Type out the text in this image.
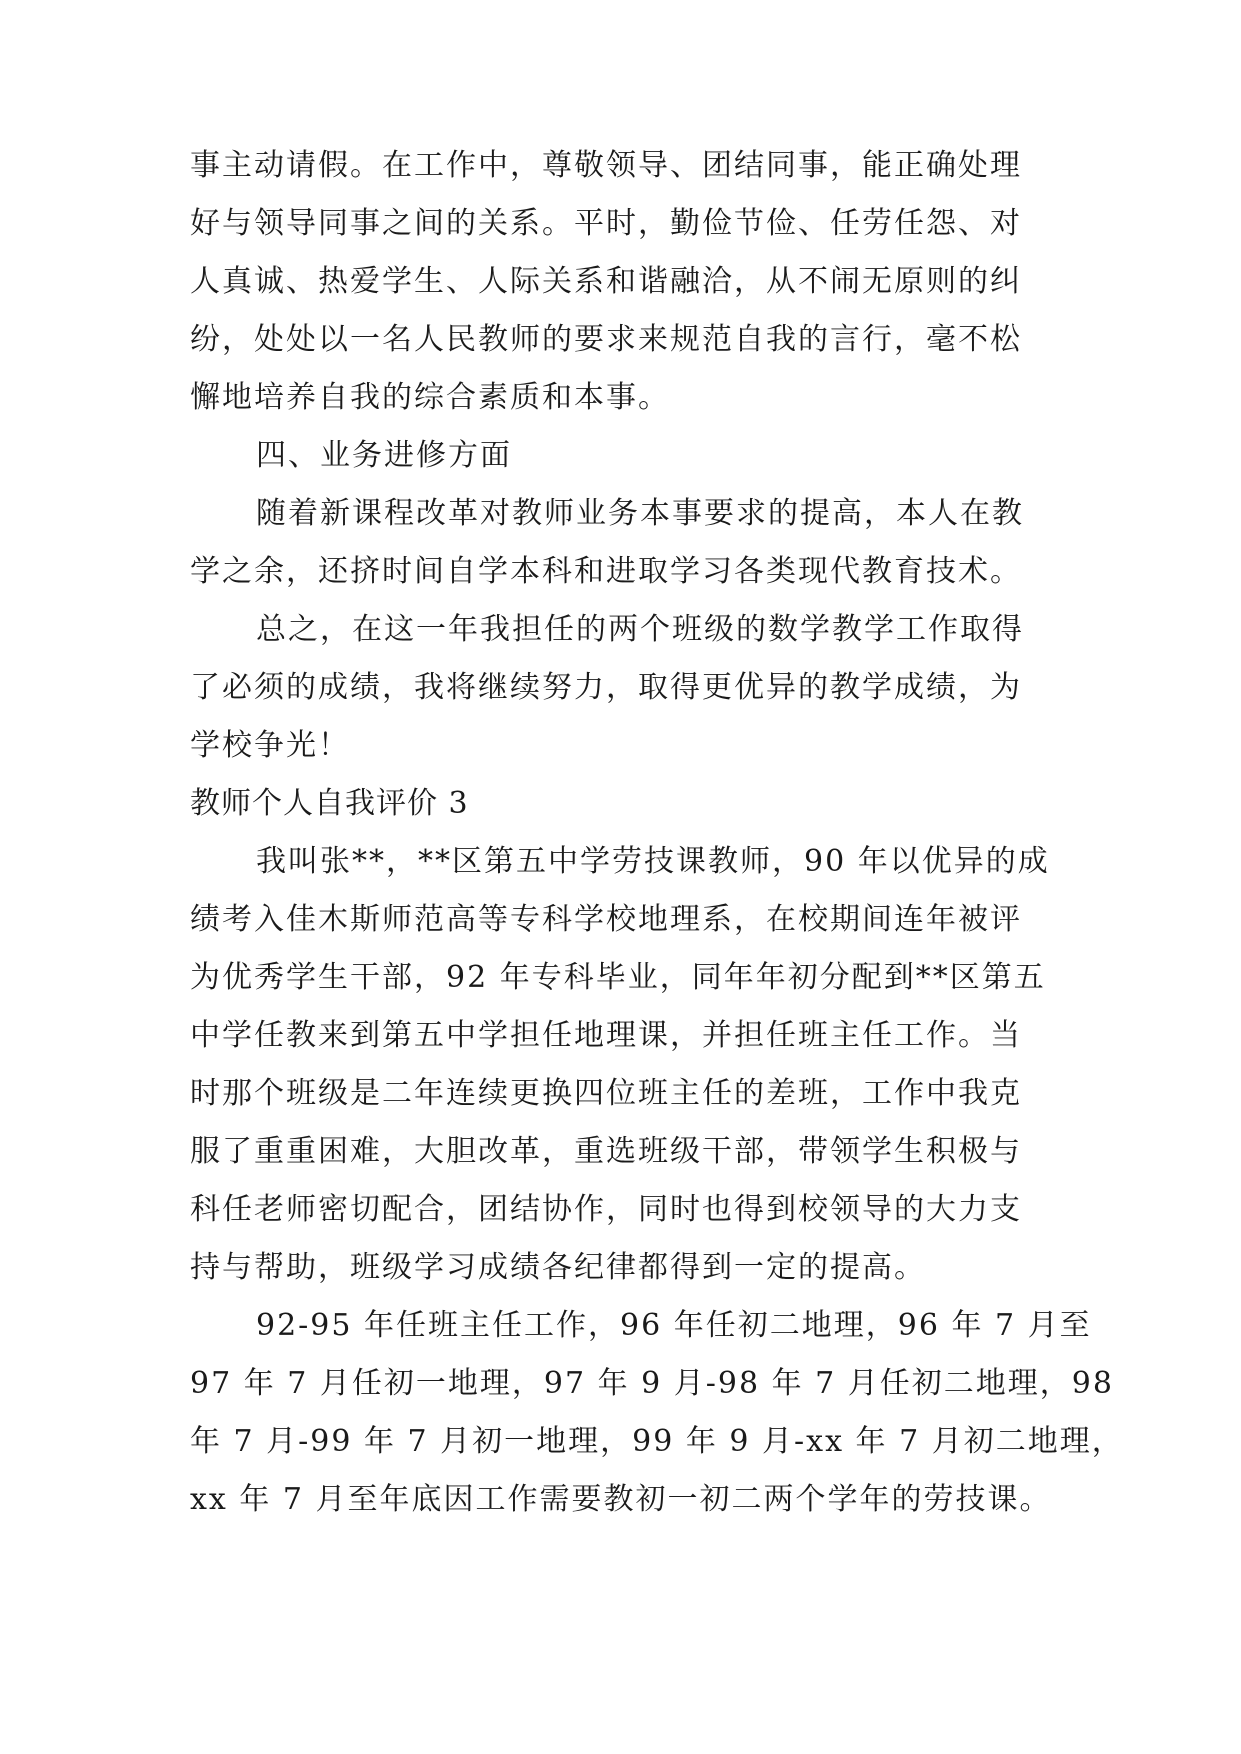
事主动请假。在工作中，尊敬领导、团结同事，能正确处理
好与领导同事之间的关系。平时，勤俭节俭、任劳任怨、对
人真诚、热爱学生、人际关系和谐融洽，从不闹无原则的纠
纷，处处以一名人民教师的要求来规范自我的言行，毫不松
懈地培养自我的综合素质和本事。
四、业务进修方面
随着新课程改革对教师业务本事要求的提高，本人在教
学之余，还挤时间自学本科和进取学习各类现代教育技术。
总之，在这一年我担任的两个班级的数学教学工作取得
了必须的成绩，我将继续努力，取得更优异的教学成绩，为
学校争光！
教师个人自我评价 3
我叫张**，**区第五中学劳技课教师，90 年以优异的成
绩考入佳木斯师范高等专科学校地理系，在校期间连年被评
为优秀学生干部，92 年专科毕业，同年年初分配到**区第五
中学任教来到第五中学担任地理课，并担任班主任工作。当
时那个班级是二年连续更换四位班主任的差班，工作中我克
服了重重困难，大胆改革，重选班级干部，带领学生积极与
科任老师密切配合，团结协作，同时也得到校领导的大力支
持与帮助，班级学习成绩各纪律都得到一定的提高。
92-95 年任班主任工作，96 年任初二地理，96 年 7 月至
97 年 7 月任初一地理，97 年 9 月-98 年 7 月任初二地理，98
年 7 月-99 年 7 月初一地理，99 年 9 月-xx 年 7 月初二地理，
xx 年 7 月至年底因工作需要教初一初二两个学年的劳技课。
